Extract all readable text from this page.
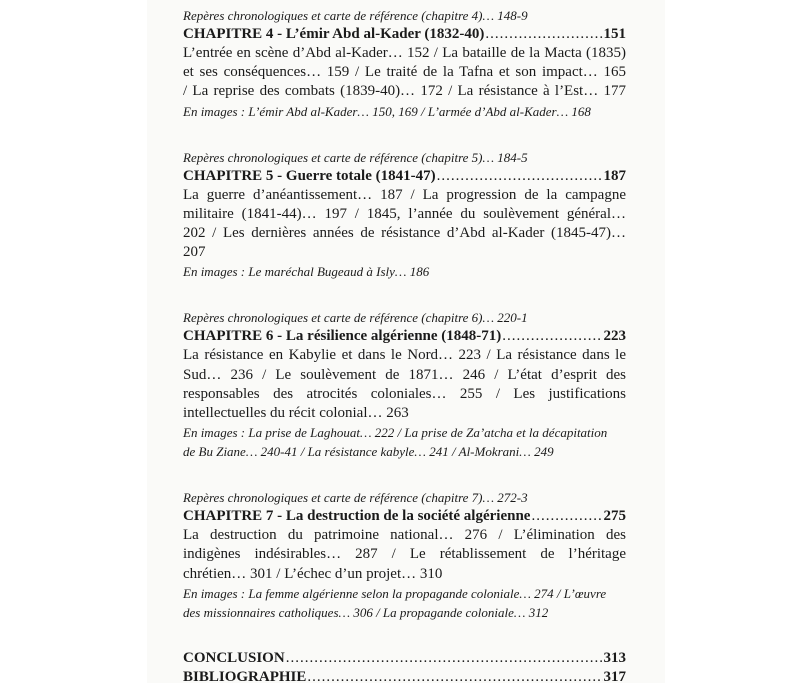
Repères chronologiques et carte de référence (chapitre 4)… 148-9
CHAPITRE 4 - L’émir Abd al-Kader (1832-40) .....	151
L’entrée en scène d’Abd al-Kader… 152 / La bataille de la Macta (1835)
et ses conséquences… 159 / Le traité de la Tafna et son impact… 165
/ La reprise des combats (1839-40)… 172 / La résistance à l’Est… 177
En images : L’émir Abd al-Kader… 150, 169 / L’armée d’Abd al-Kader… 168
Repères chronologiques et carte de référence (chapitre 5)… 184-5
CHAPITRE 5 - Guerre totale (1841-47) .....	187
La guerre d’anéantissement… 187 / La progression de la campagne
militaire (1841-44)… 197 / 1845, l’année du soulèvement général…
202 / Les dernières années de résistance d’Abd al-Kader (1845-47)…
207
En images : Le maréchal Bugeaud à Isly… 186
Repères chronologiques et carte de référence (chapitre 6)… 220-1
CHAPITRE 6 - La résilience algérienne (1848-71) .....	223
La résistance en Kabylie et dans le Nord… 223 / La résistance dans le
Sud… 236 / Le soulèvement de 1871… 246 / L’état d’esprit des
responsables des atrocités coloniales… 255 / Les justifications
intellectuelles du récit colonial… 263
En images : La prise de Laghouat… 222 / La prise de Za’atcha et la décapitation
de Bu Ziane… 240-41 / La résistance kabyle… 241 / Al-Mokrani… 249
Repères chronologiques et carte de référence (chapitre 7)… 272-3
CHAPITRE 7 - La destruction de la société algérienne .....	275
La destruction du patrimoine national… 276 / L’élimination des
indigènes indésirables… 287 / Le rétablissement de l’héritage
chrétien… 301 / L’échec d’un projet… 310
En images : La femme algérienne selon la propagande coloniale… 274 / L’œuvre
des missionnaires catholiques… 306 / La propagande coloniale… 312
CONCLUSION .....	313
BIBLIOGRAPHIE .....	317
